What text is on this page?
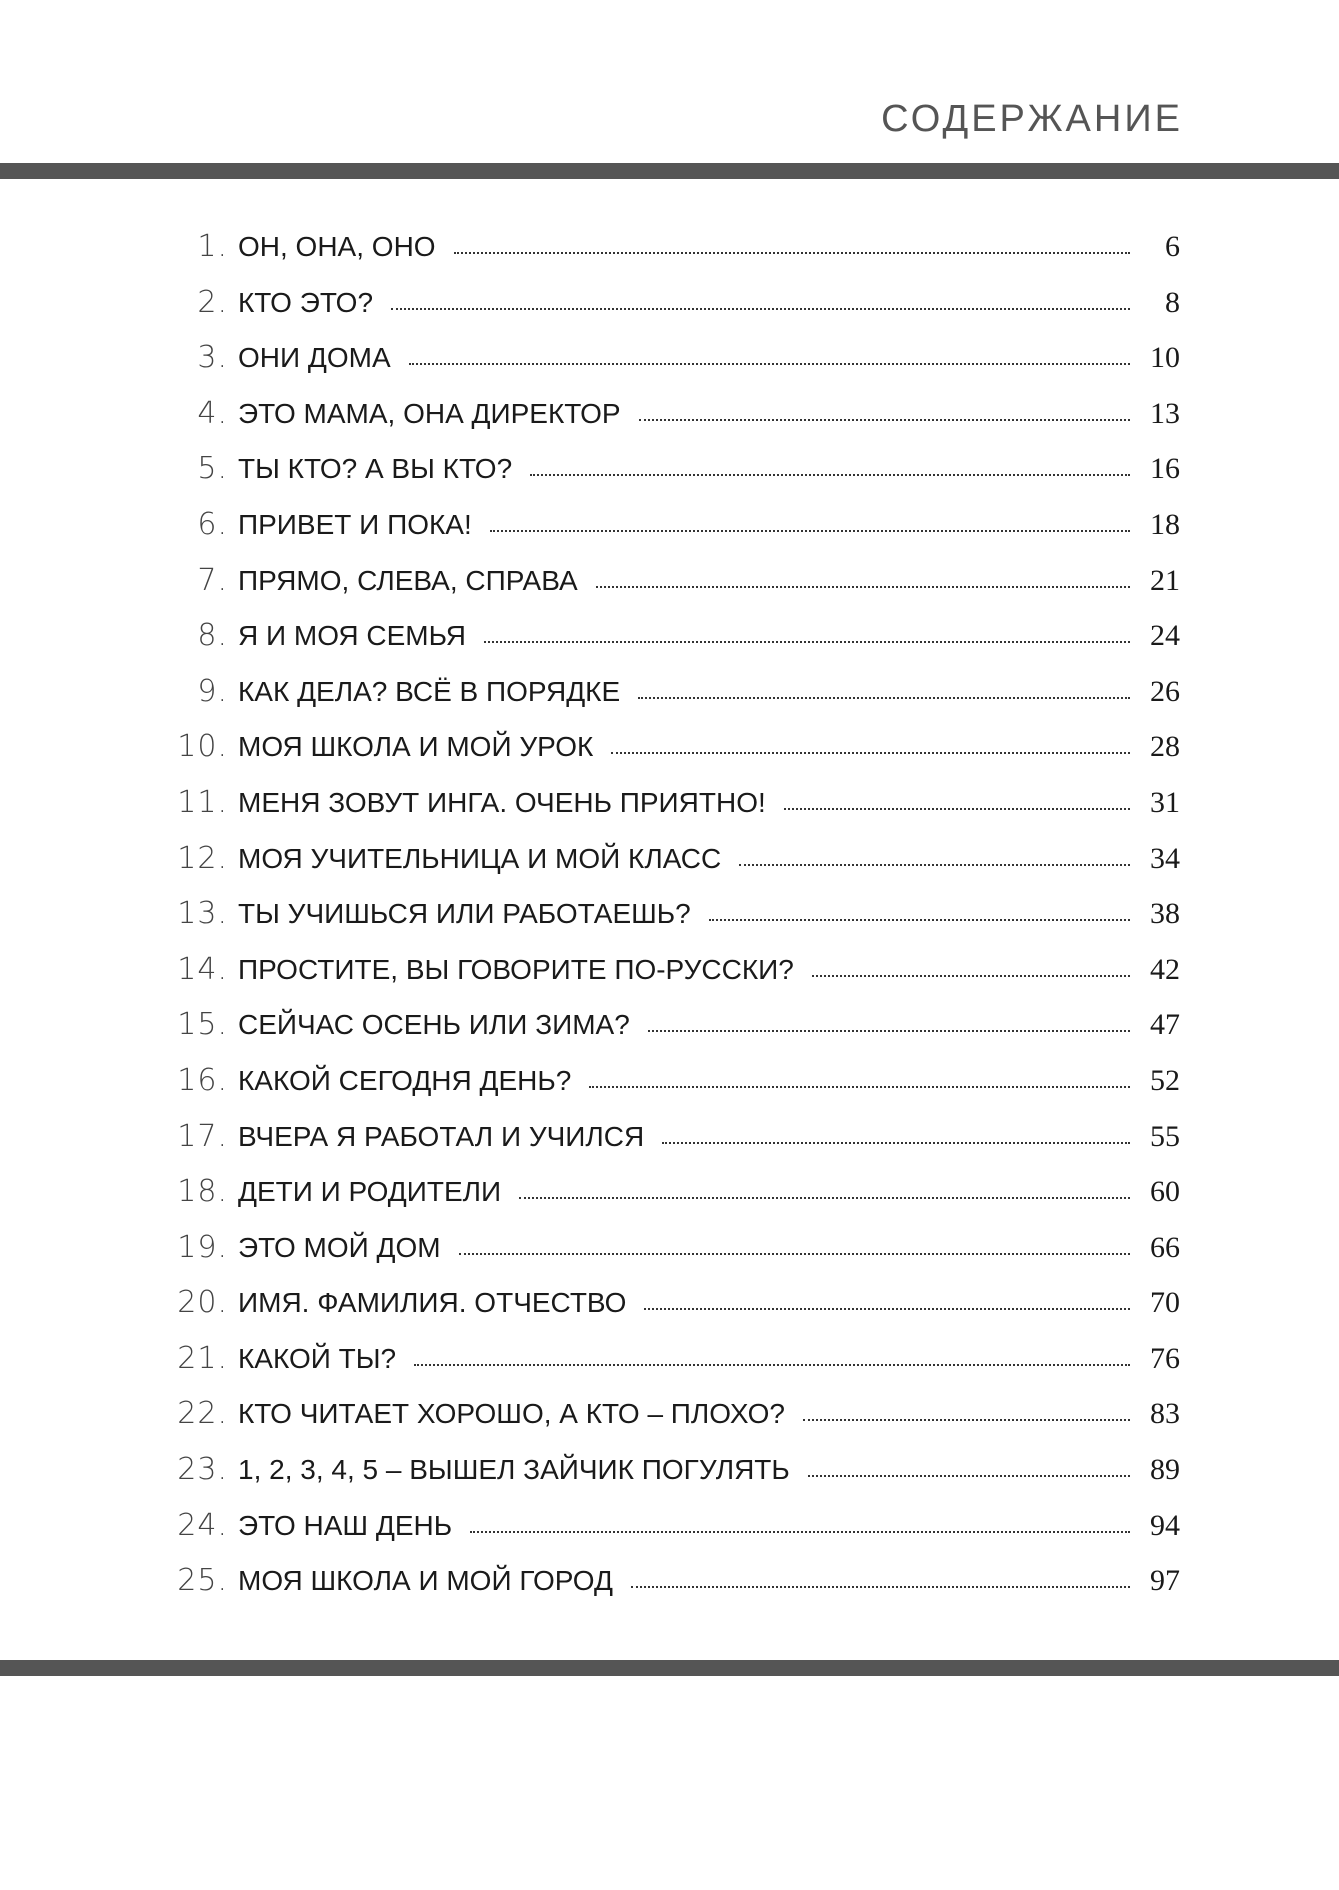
СОДЕРЖАНИЕ
1. ОН, ОНА, ОНО	6
2. КТО ЭТО?	8
3. ОНИ ДОМА	10
4. ЭТО МАМА, ОНА ДИРЕКТОР	13
5. ТЫ КТО? А ВЫ КТО?	16
6. ПРИВЕТ И ПОКА!	18
7. ПРЯМО, СЛЕВА, СПРАВА	21
8. Я И МОЯ СЕМЬЯ	24
9. КАК ДЕЛА? ВСЁ В ПОРЯДКЕ	26
10. МОЯ ШКОЛА И МОЙ УРОК	28
11. МЕНЯ ЗОВУТ ИНГА. ОЧЕНЬ ПРИЯТНО!	31
12. МОЯ УЧИТЕЛЬНИЦА И МОЙ КЛАСС	34
13. ТЫ УЧИШЬСЯ ИЛИ РАБОТАЕШЬ?	38
14. ПРОСТИТЕ, ВЫ ГОВОРИТЕ ПО-РУССКИ?	42
15. СЕЙЧАС ОСЕНЬ ИЛИ ЗИМА?	47
16. КАКОЙ СЕГОДНЯ ДЕНЬ?	52
17. ВЧЕРА Я РАБОТАЛ И УЧИЛСЯ	55
18. ДЕТИ И РОДИТЕЛИ	60
19. ЭТО МОЙ ДОМ	66
20. ИМЯ. ФАМИЛИЯ. ОТЧЕСТВО	70
21. КАКОЙ ТЫ?	76
22. КТО ЧИТАЕТ ХОРОШО, А КТО – ПЛОХО?	83
23. 1, 2, 3, 4, 5 – ВЫШЕЛ ЗАЙЧИК ПОГУЛЯТЬ	89
24. ЭТО НАШ ДЕНЬ	94
25. МОЯ ШКОЛА И МОЙ ГОРОД	97
